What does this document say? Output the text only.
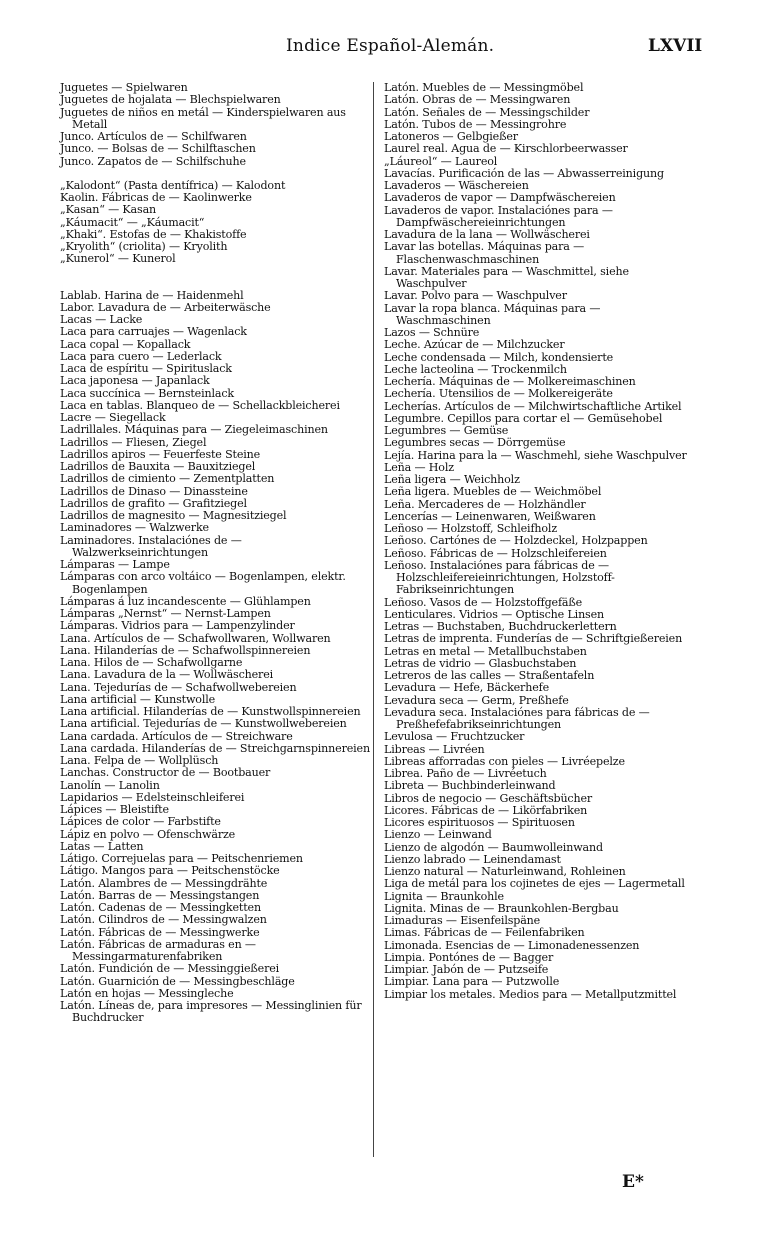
Indice Español-Alemán.	LXVII
Juguetes — Spielwaren
Juguetes de hojalata — Blechspielwaren
Juguetes de niños en metál — Kinderspielwaren aus Metall
Junco. Artículos de — Schilfwaren
Junco. — Bolsas de — Schilftaschen
Junco. Zapatos de — Schilfschuhe
„Kalodont“ (Pasta dentífrica) — Kalodont
Kaolin. Fábricas de — Kaolinwerke
„Kasan“ — Kasan
„Káumacit“ — „Káumacit“
„Khaki“. Estofas de — Khakistoffe
„Kryolith“ (criolita) — Kryolith
„Kunerol“ — Kunerol
Lablab. Harina de — Haidenmehl
Labor. Lavadura de — Arbeiterwäsche
Lacas — Lacke
Laca para carruajes — Wagenlack
Laca copal — Kopallack
Laca para cuero — Lederlack
Laca de espíritu — Spirituslack
Laca japonesa — Japanlack
Laca succínica — Bernsteinlack
Laca en tablas. Blanqueo de — Schellackbleicherei
Lacre — Siegellack
Ladrillales. Máquinas para — Ziegeleimaschinen
Ladrillos — Fliesen, Ziegel
Ladrillos apiros — Feuerfeste Steine
Ladrillos de Bauxita — Bauxitziegel
Ladrillos de cimiento — Zementplatten
Ladrillos de Dinaso — Dinassteine
Ladrillos de grafito — Grafitziegel
Ladrillos de magnesito — Magnesitziegel
Laminadores — Walzwerke
Laminadores. Instalaciónes de — Walzwerkseinrichtungen
Lámparas — Lampe
Lámparas con arco voltáico — Bogenlampen, elektr. Bogenlampen
Lámparas á luz incandescente — Glühlampen
Lámparas „Nernst“ — Nernst-Lampen
Lámparas. Vidrios para — Lampenzylinder
Lana. Artículos de — Schafwollwaren, Wollwaren
Lana. Hilanderías de — Schafwollspinnereien
Lana. Hilos de — Schafwollgarne
Lana. Lavadura de la — Wollwäscherei
Lana. Tejedurías de — Schafwollwebereien
Lana artificial — Kunstwolle
Lana artificial. Hilanderías de — Kunstwollspinnereien
Lana artificial. Tejedurías de — Kunstwollwebereien
Lana cardada. Artículos de — Streichware
Lana cardada. Hilanderías de — Streichgarnspinnereien
Lana. Felpa de — Wollplüsch
Lanchas. Constructor de — Bootbauer
Lanolín — Lanolin
Lapidarios — Edelsteinschleiferei
Lápices — Bleistifte
Lápices de color — Farbstifte
Lápiz en polvo — Ofenschwärze
Latas — Latten
Látigo. Correjuelas para — Peitschenriemen
Látigo. Mangos para — Peitschenstöcke
Latón. Alambres de — Messingdrähte
Latón. Barras de — Messingstangen
Latón. Cadenas de — Messingketten
Latón. Cilindros de — Messingwalzen
Latón. Fábricas de — Messingwerke
Latón. Fábricas de armaduras en — Messingarmaturenfabriken
Latón. Fundición de — Messinggießerei
Latón. Guarnición de — Messingbeschläge
Latón en hojas — Messingleche
Latón. Líneas de, para impresores — Messinglinien für Buchdrucker
Latón. Muebles de — Messingmöbel
Latón. Obras de — Messingwaren
Latón. Señales de — Messingschilder
Latón. Tubos de — Messingrohre
Latoneros — Gelbgießer
Laurel real. Agua de — Kirschlorbeerwasser
„Láureol“ — Laureol
Lavacías. Purificación de las — Abwasserreinigung
Lavaderos — Wäschereien
Lavaderos de vapor — Dampfwäschereien
Lavaderos de vapor. Instalaciónes para — Dampfwäschereieinrichtungen
Lavadura de la lana — Wollwäscherei
Lavar las botellas. Máquinas para — Flaschenwaschmaschinen
Lavar. Materiales para — Waschmittel, siehe Waschpulver
Lavar. Polvo para — Waschpulver
Lavar la ropa blanca. Máquinas para — Waschmaschinen
Lazos — Schnüre
Leche. Azúcar de — Milchzucker
Leche condensada — Milch, kondensierte
Leche lacteolina — Trockenmilch
Lechería. Máquinas de — Molkereimaschinen
Lechería. Utensilios de — Molkereigeräte
Lecherías. Artículos de — Milchwirtschaftliche Artikel
Legumbre. Cepillos para cortar el — Gemüsehobel
Legumbres — Gemüse
Legumbres secas — Dörrgemüse
Lejía. Harina para la — Waschmehl, siehe Waschpulver
Leña — Holz
Leña ligera — Weichholz
Leña ligera. Muebles de — Weichmöbel
Leña. Mercaderes de — Holzhändler
Lencerías — Leinenwaren, Weißwaren
Leñoso — Holzstoff, Schleifholz
Leñoso. Cartónes de — Holzdeckel, Holzpappen
Leñoso. Fábricas de — Holzschleifereien
Leñoso. Instalaciónes para fábricas de — Holzschleifereieinrichtungen, Holzstoff-Fabrikseinrichtungen
Leñoso. Vasos de — Holzstoffgefäße
Lenticulares. Vidrios — Optische Linsen
Letras — Buchstaben, Buchdruckerlettern
Letras de imprenta. Funderías de — Schriftgießereien
Letras en metal — Metallbuchstaben
Letras de vidrio — Glasbuchstaben
Letreros de las calles — Straßentafeln
Levadura — Hefe, Bäckerhefe
Levadura seca — Germ, Preßhefe
Levadura seca. Instalaciónes para fábricas de — Preßhefefabrikseinrichtungen
Levulosa — Fruchtzucker
Libreas — Livréen
Libreas afforradas con pieles — Livréepelze
Librea. Paño de — Livréetuch
Libreta — Buchbinderleinwand
Libros de negocio — Geschäftsbücher
Licores. Fábricas de — Likörfabriken
Licores espirituosos — Spirituosen
Lienzo — Leinwand
Lienzo de algodón — Baumwolleinwand
Lienzo labrado — Leinendamast
Lienzo natural — Naturleinwand, Rohleinen
Liga de metál para los cojinetes de ejes — Lagermetall
Lignita — Braunkohle
Lignita. Minas de — Braunkohlen-Bergbau
Limaduras — Eisenfeilspäne
Limas. Fábricas de — Feilenfabriken
Limonada. Esencias de — Limonadenessenzen
Limpia. Pontónes de — Bagger
Limpiar. Jabón de — Putzseife
Limpiar. Lana para — Putzwolle
Limpiar los metales. Medios para — Metallputzmittel
E*
